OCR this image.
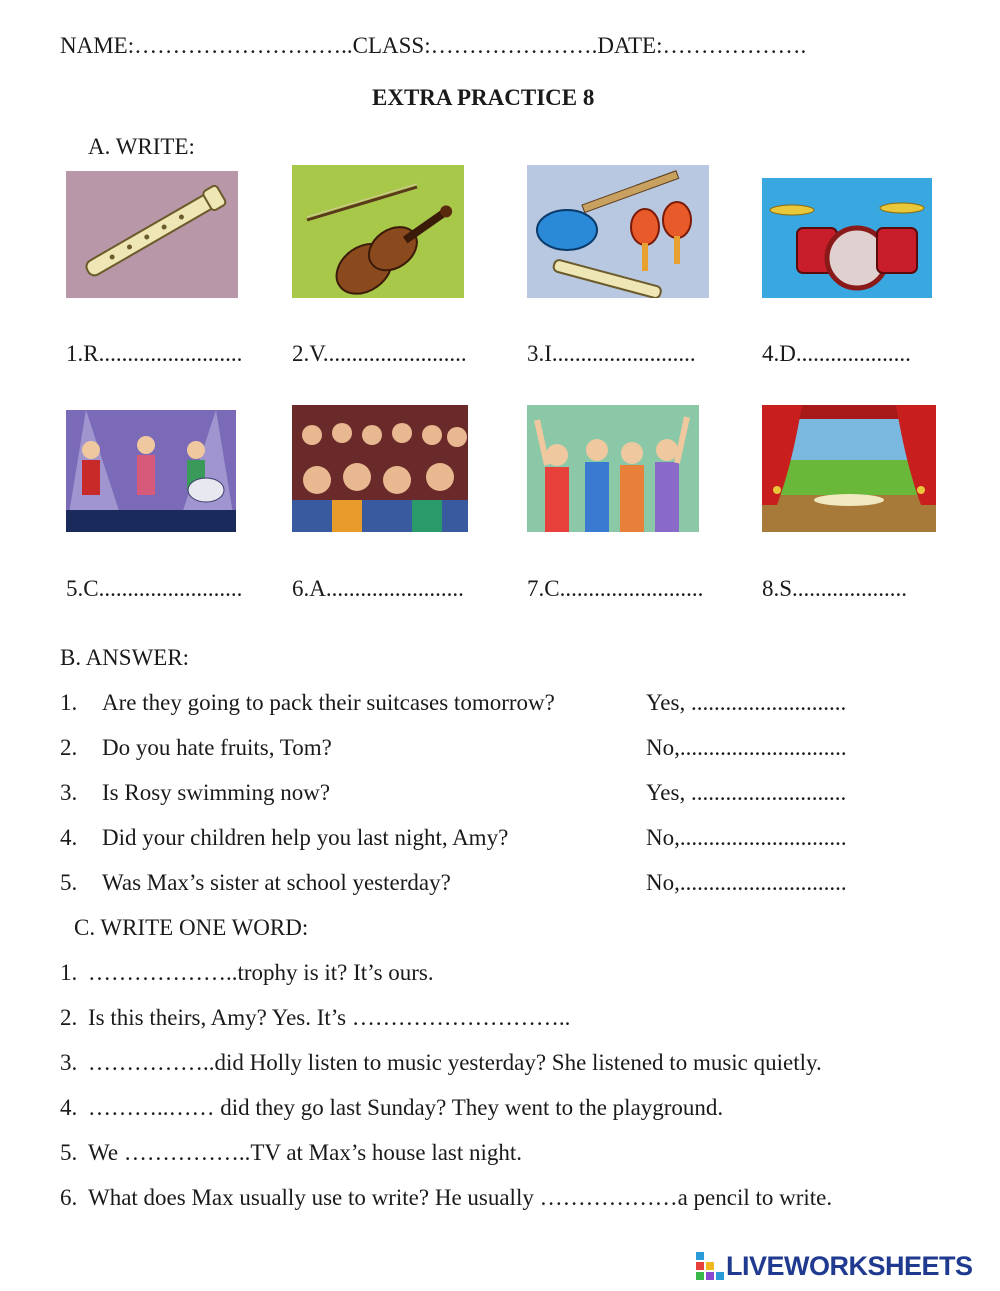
NAME:………………………..CLASS:………………….DATE:……………….
EXTRA PRACTICE 8
A. WRITE:
1.R......................... 2.V.........................	3.I.........................	4.D....................
5.C......................... 6.A........................	7.C.........................	8.S....................
B. ANSWER:
1. Are they going to pack their suitcases tomorrow?	Yes, ...........................
2. Do you hate fruits, Tom?	No,.............................
3. Is Rosy swimming now?	Yes, ...........................
4. Did your children help you last night, Amy?	No,.............................
5. Was Max’s sister at school yesterday?	No,.............................
C. WRITE ONE WORD:
1. ………………..trophy is it? It’s ours.
2. Is this theirs, Amy? Yes. It’s ………………………..
3. ……………..did Holly listen to music yesterday? She listened to music quietly.
4. ………..…… did they go last Sunday? They went to the playground.
5. We ……………..TV at Max’s house last night.
6. What does Max usually use to write? He usually ………………a pencil to write.
LIVEWORKSHEETS
